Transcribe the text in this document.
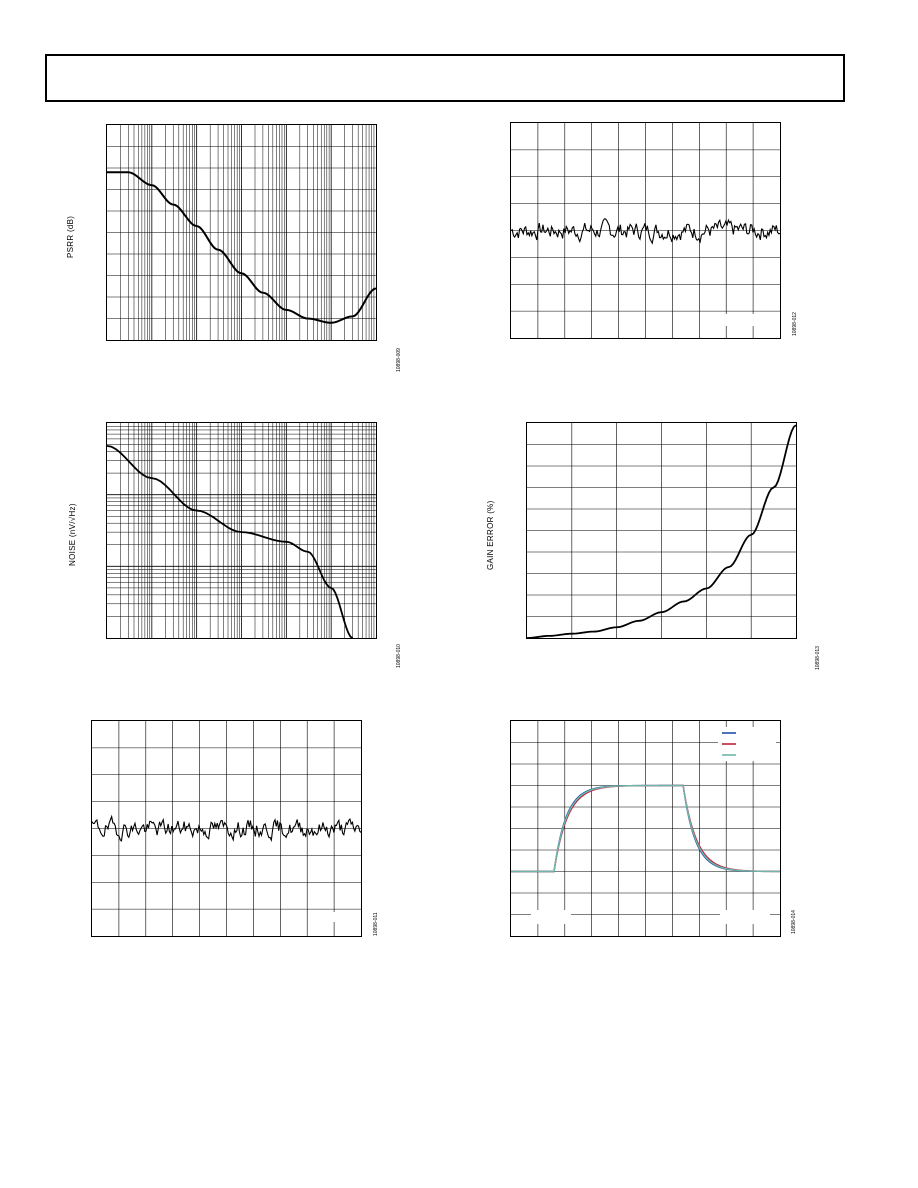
PSRR (dB)
10898-009
10898-012
NOISE (nV/√Hz)
10898-010
GAIN ERROR (%)
10898-013
10898-011	10898-014
